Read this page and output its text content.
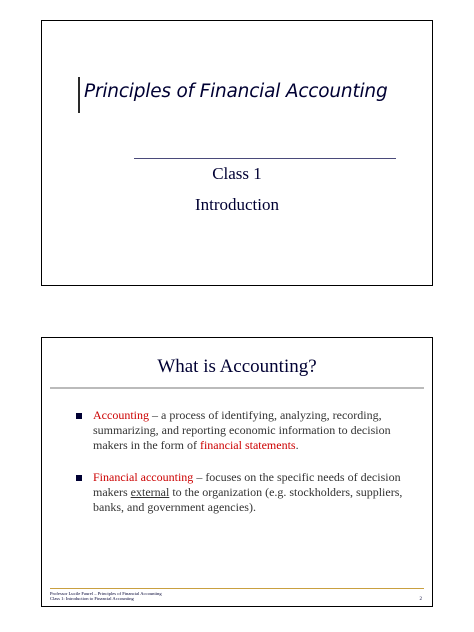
Principles of Financial Accounting
Class 1
Introduction
What is Accounting?

Accounting – a process of identifying, analyzing, recording, summarizing, and reporting economic information to decision makers in the form of financial statements.

Financial accounting – focuses on the specific needs of decision makers external to the organization (e.g. stockholders, suppliers, banks, and government agencies).

Professor Lucile Faurel – Principles of Financial Accounting
Class 1: Introduction to Financial Accounting	2
